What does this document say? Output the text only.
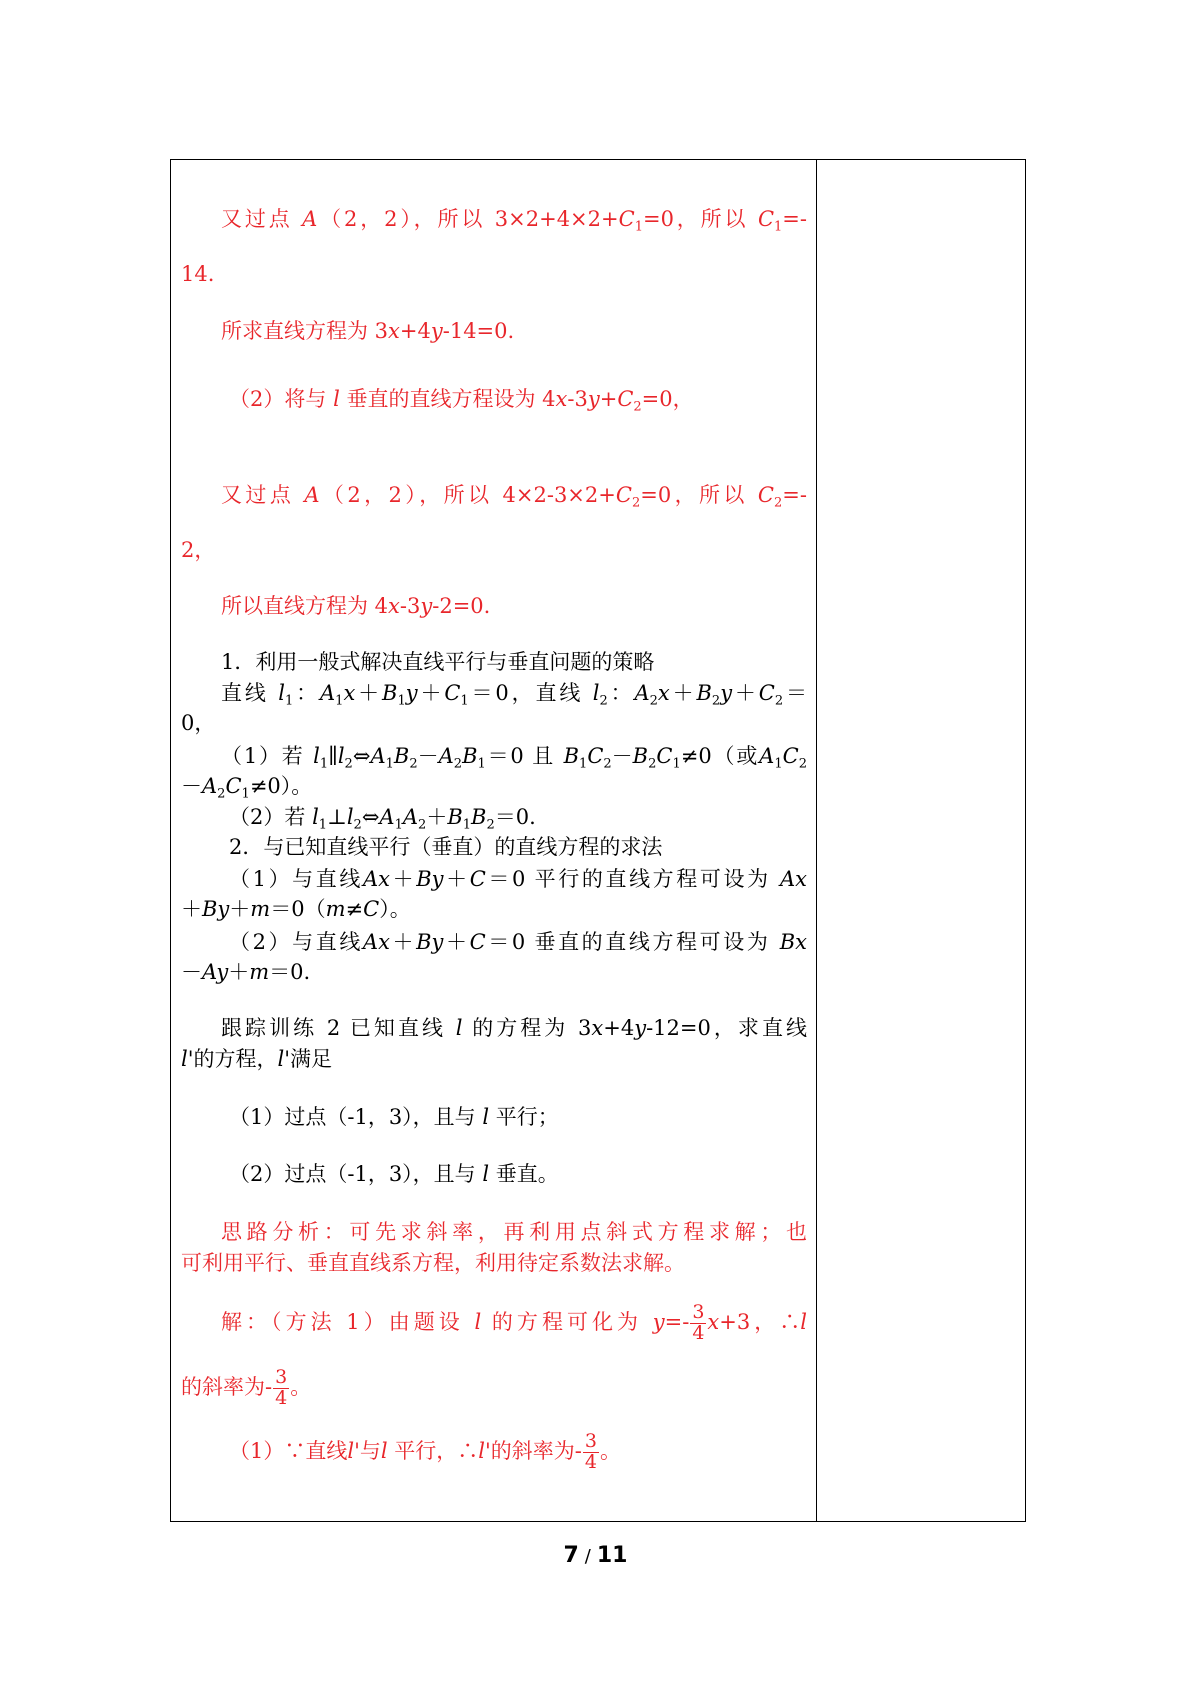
又过点 A（2，2），所以 $3\times 2+4\times 2+C_1=0$，所以 $C_1=-$
14.
所求直线方程为 3x+4y-14=0.
（2）将与 l 垂直的直线方程设为 $4x-3y+C_2=0$，
又过点 A（2，2），所以 $4\times 2-3\times 2+C_2=0$，所以 $C_2=-$
2，
所以直线方程为 4x-3y-2=0.
1．利用一般式解决直线平行与垂直问题的策略
直线 $l_1$：$A_1x+B_1y+C_1=0$，直线 $l_2$：$A_2x+B_2y+C_2=$
0，
（1）若 $l_1\parallel l_2\Leftrightarrow A_1B_2-A_2B_1=0$ 且 $B_1C_2-B_2C_1\ne 0$（或$A_1C_2$
$-A_2C_1\ne 0$）。
（2）若 $l_1\perp l_2\Leftrightarrow A_1A_2+B_1B_2=0$.
2．与已知直线平行（垂直）的直线方程的求法
（1）与直线Ax＋By＋C＝0 平行的直线方程可设为 Ax
＋By＋m＝0（m≠C）。
（2）与直线Ax＋By＋C＝0 垂直的直线方程可设为 Bx
－Ay＋m＝0.
跟踪训练 2 已知直线 l 的方程为 3x+4y-12=0，求直线
l'的方程，l'满足
（1）过点（-1，3），且与 l 平行；
（2）过点（-1，3），且与 l 垂直。
思路分析：可先求斜率，再利用点斜式方程求解；也
可利用平行、垂直直线系方程，利用待定系数法求解。
解：（方法 1）由题设 l 的方程可化为 $y=- \frac{3}{4} x+3$，∴l
的斜率为- $\frac{3}{4}$ 。
（1）∵直线l'与l 平行，∴l'的斜率为- $\frac{3}{4}$ 。
7 / 11
